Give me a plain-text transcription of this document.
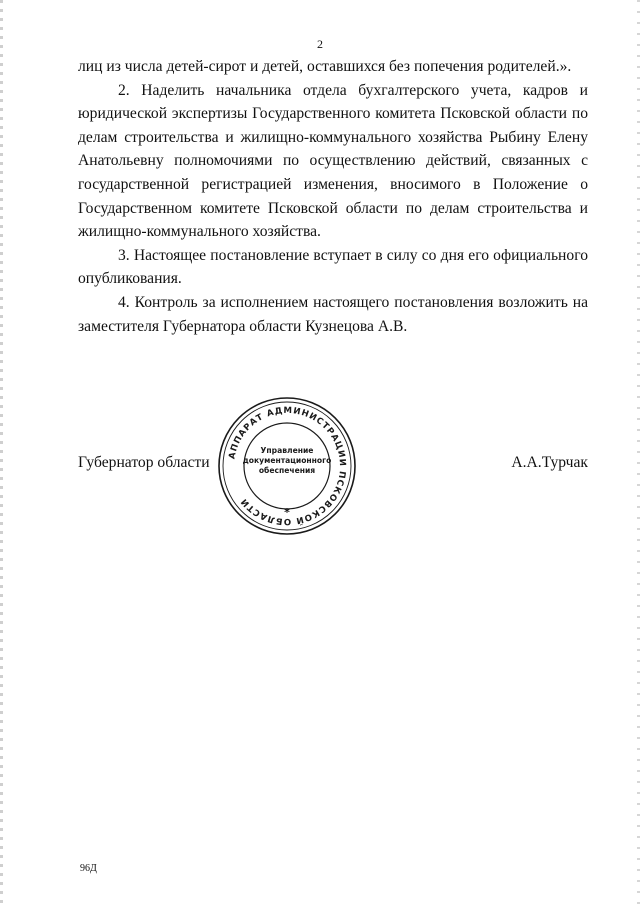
2

лиц из числа детей-сирот и детей, оставшихся без попечения родителей.».

2. Наделить начальника отдела бухгалтерского учета, кадров и юридической экспертизы Государственного комитета Псковской области по делам строительства и жилищно-коммунального хозяйства Рыбину Елену Анатольевну полномочиями по осуществлению действий, связанных с государственной регистрацией изменения, вносимого в Положение о Государственном комитете Псковской области по делам строительства и жилищно-коммунального хозяйства.

3. Настоящее постановление вступает в силу со дня его официального опубликования.

4. Контроль за исполнением настоящего постановления возложить на заместителя Губернатора области Кузнецова А.В.

Губернатор области	А.А.Турчак
АППАРАТ АДМИНИСТРАЦИИ ПСКОВСКОЙ ОБЛАСТИ
Управление
документационного
обеспечения
*
96Д
